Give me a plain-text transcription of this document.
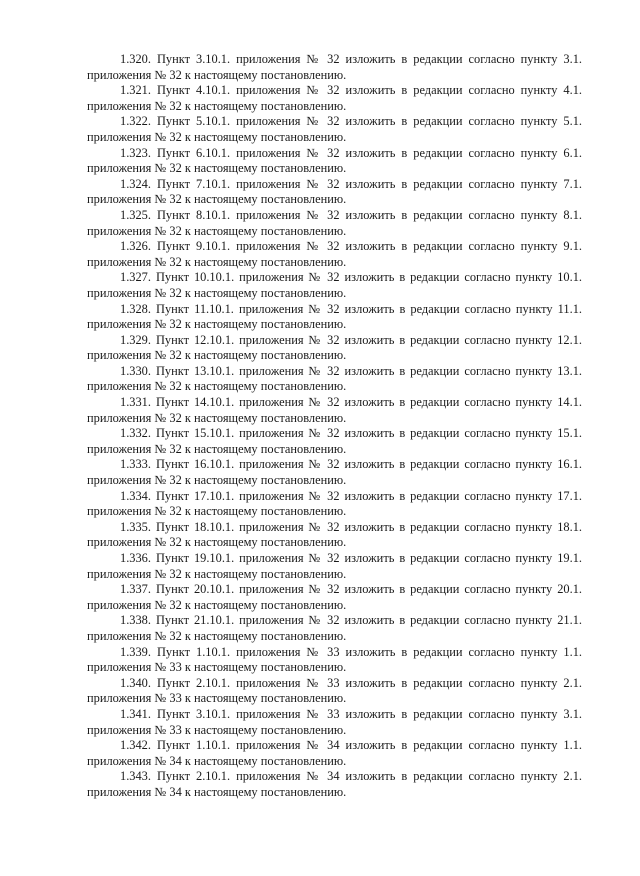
1.320. Пункт 3.10.1. приложения № 32 изложить в редакции согласно пункту 3.1. приложения № 32 к настоящему постановлению.

1.321. Пункт 4.10.1. приложения № 32 изложить в редакции согласно пункту 4.1. приложения № 32 к настоящему постановлению.

1.322. Пункт 5.10.1. приложения № 32 изложить в редакции согласно пункту 5.1. приложения № 32 к настоящему постановлению.

1.323. Пункт 6.10.1. приложения № 32 изложить в редакции согласно пункту 6.1. приложения № 32 к настоящему постановлению.

1.324. Пункт 7.10.1. приложения № 32 изложить в редакции согласно пункту 7.1. приложения № 32 к настоящему постановлению.

1.325. Пункт 8.10.1. приложения № 32 изложить в редакции согласно пункту 8.1. приложения № 32 к настоящему постановлению.

1.326. Пункт 9.10.1. приложения № 32 изложить в редакции согласно пункту 9.1. приложения № 32 к настоящему постановлению.

1.327. Пункт 10.10.1. приложения № 32 изложить в редакции согласно пункту 10.1. приложения № 32 к настоящему постановлению.

1.328. Пункт 11.10.1. приложения № 32 изложить в редакции согласно пункту 11.1. приложения № 32 к настоящему постановлению.

1.329. Пункт 12.10.1. приложения № 32 изложить в редакции согласно пункту 12.1. приложения № 32 к настоящему постановлению.

1.330. Пункт 13.10.1. приложения № 32 изложить в редакции согласно пункту 13.1. приложения № 32 к настоящему постановлению.

1.331. Пункт 14.10.1. приложения № 32 изложить в редакции согласно пункту 14.1. приложения № 32 к настоящему постановлению.

1.332. Пункт 15.10.1. приложения № 32 изложить в редакции согласно пункту 15.1. приложения № 32 к настоящему постановлению.

1.333. Пункт 16.10.1. приложения № 32 изложить в редакции согласно пункту 16.1. приложения № 32 к настоящему постановлению.

1.334. Пункт 17.10.1. приложения № 32 изложить в редакции согласно пункту 17.1. приложения № 32 к настоящему постановлению.

1.335. Пункт 18.10.1. приложения № 32 изложить в редакции согласно пункту 18.1. приложения № 32 к настоящему постановлению.

1.336. Пункт 19.10.1. приложения № 32 изложить в редакции согласно пункту 19.1. приложения № 32 к настоящему постановлению.

1.337. Пункт 20.10.1. приложения № 32 изложить в редакции согласно пункту 20.1. приложения № 32 к настоящему постановлению.

1.338. Пункт 21.10.1. приложения № 32 изложить в редакции согласно пункту 21.1. приложения № 32 к настоящему постановлению.

1.339. Пункт 1.10.1. приложения № 33 изложить в редакции согласно пункту 1.1. приложения № 33 к настоящему постановлению.

1.340. Пункт 2.10.1. приложения № 33 изложить в редакции согласно пункту 2.1. приложения № 33 к настоящему постановлению.

1.341. Пункт 3.10.1. приложения № 33 изложить в редакции согласно пункту 3.1. приложения № 33 к настоящему постановлению.

1.342. Пункт 1.10.1. приложения № 34 изложить в редакции согласно пункту 1.1. приложения № 34 к настоящему постановлению.

1.343. Пункт 2.10.1. приложения № 34 изложить в редакции согласно пункту 2.1. приложения № 34 к настоящему постановлению.
